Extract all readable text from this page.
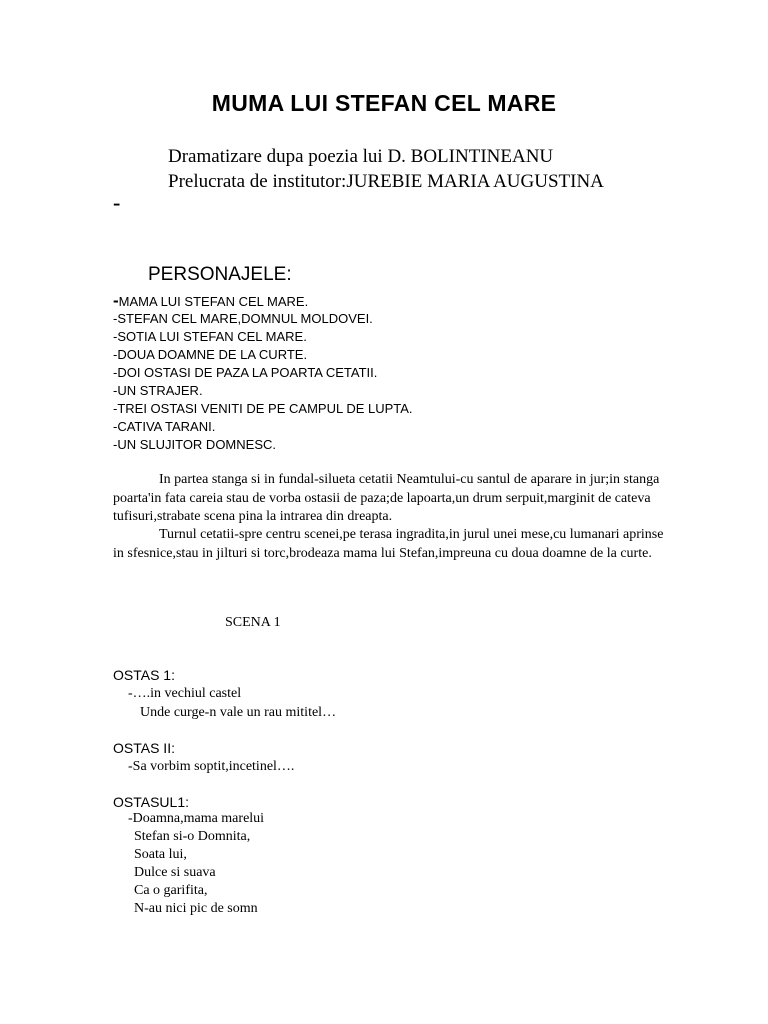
MUMA LUI STEFAN CEL MARE
Dramatizare dupa poezia lui D. BOLINTINEANU
Prelucrata de institutor:JUREBIE MARIA AUGUSTINA
-
PERSONAJELE:
-MAMA LUI STEFAN CEL MARE.
-STEFAN CEL MARE,DOMNUL MOLDOVEI.
-SOTIA LUI STEFAN CEL MARE.
-DOUA DOAMNE DE LA CURTE.
-DOI OSTASI DE PAZA LA POARTA CETATII.
-UN STRAJER.
-TREI OSTASI VENITI DE PE CAMPUL DE LUPTA.
-CATIVA TARANI.
-UN SLUJITOR DOMNESC.

In partea stanga si in fundal-silueta cetatii Neamtului-cu santul de aparare in jur;in stanga poarta'in fata careia stau de vorba ostasii de paza;de lapoarta,un drum serpuit,marginit de cateva tufisuri,strabate scena pina la intrarea din dreapta.

Turnul cetatii-spre centru scenei,pe terasa ingradita,in jurul unei mese,cu lumanari aprinse in sfesnice,stau in jilturi si torc,brodeaza mama lui Stefan,impreuna cu doua doamne de la curte.

SCENA 1
OSTAS 1:
-….in vechiul castel
Unde curge-n vale un rau mititel…
OSTAS II:
-Sa vorbim soptit,incetinel….
OSTASUL1:
-Doamna,mama marelui
Stefan si-o Domnita,
Soata lui,
Dulce si suava
Ca o garifita,
N-au nici pic de somn
